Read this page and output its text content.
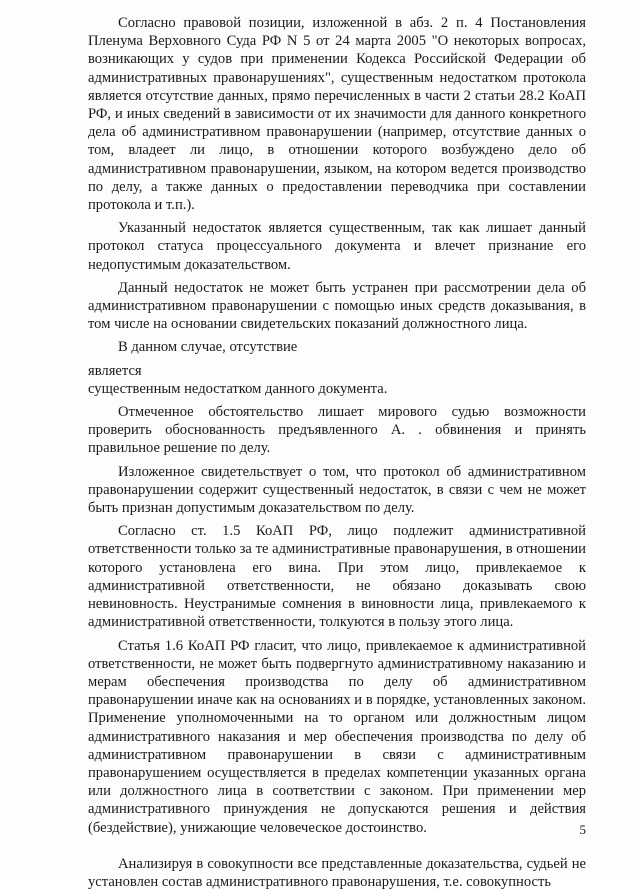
Согласно правовой позиции, изложенной в абз. 2 п. 4 Постановления Пленума Верховного Суда РФ N 5 от 24 марта 2005 "О некоторых вопросах, возникающих у судов при применении Кодекса Российской Федерации об административных правонарушениях", существенным недостатком протокола является отсутствие данных, прямо перечисленных в части 2 статьи 28.2 КоАП РФ, и иных сведений в зависимости от их значимости для данного конкретного дела об административном правонарушении (например, отсутствие данных о том, владеет ли лицо, в отношении которого возбуждено дело об административном правонарушении, языком, на котором ведется производство по делу, а также данных о предоставлении переводчика при составлении протокола и т.п.).

Указанный недостаток является существенным, так как лишает данный протокол статуса процессуального документа и влечет признание его недопустимым доказательством.

Данный недостаток не может быть устранен при рассмотрении дела об административном правонарушении с помощью иных средств доказывания, в том числе на основании свидетельских показаний должностного лица.

В данном случае, отсутствие

является

существенным недостатком данного документа.

Отмеченное обстоятельство лишает мирового судью возможности проверить обоснованность предъявленного А. . обвинения и принять правильное решение по делу.

Изложенное свидетельствует о том, что протокол об административном правонарушении содержит существенный недостаток, в связи с чем не может быть признан допустимым доказательством по делу.

Согласно ст. 1.5 КоАП РФ, лицо подлежит административной ответственности только за те административные правонарушения, в отношении которого установлена его вина. При этом лицо, привлекаемое к административной ответственности, не обязано доказывать свою невиновность. Неустранимые сомнения в виновности лица, привлекаемого к административной ответственности, толкуются в пользу этого лица.

Статья 1.6 КоАП РФ гласит, что лицо, привлекаемое к административной ответственности, не может быть подвергнуто административному наказанию и мерам обеспечения производства по делу об административном правонарушении иначе как на основаниях и в порядке, установленных законом. Применение уполномоченными на то органом или должностным лицом административного наказания и мер обеспечения производства по делу об административном правонарушении в связи с административным правонарушением осуществляется в пределах компетенции указанных органа или должностного лица в соответствии с законом. При применении мер административного принуждения не допускаются решения и действия (бездействие), унижающие человеческое достоинство.

Анализируя в совокупности все представленные доказательства, судьей не установлен состав административного правонарушения, т.е. совокупность

5
